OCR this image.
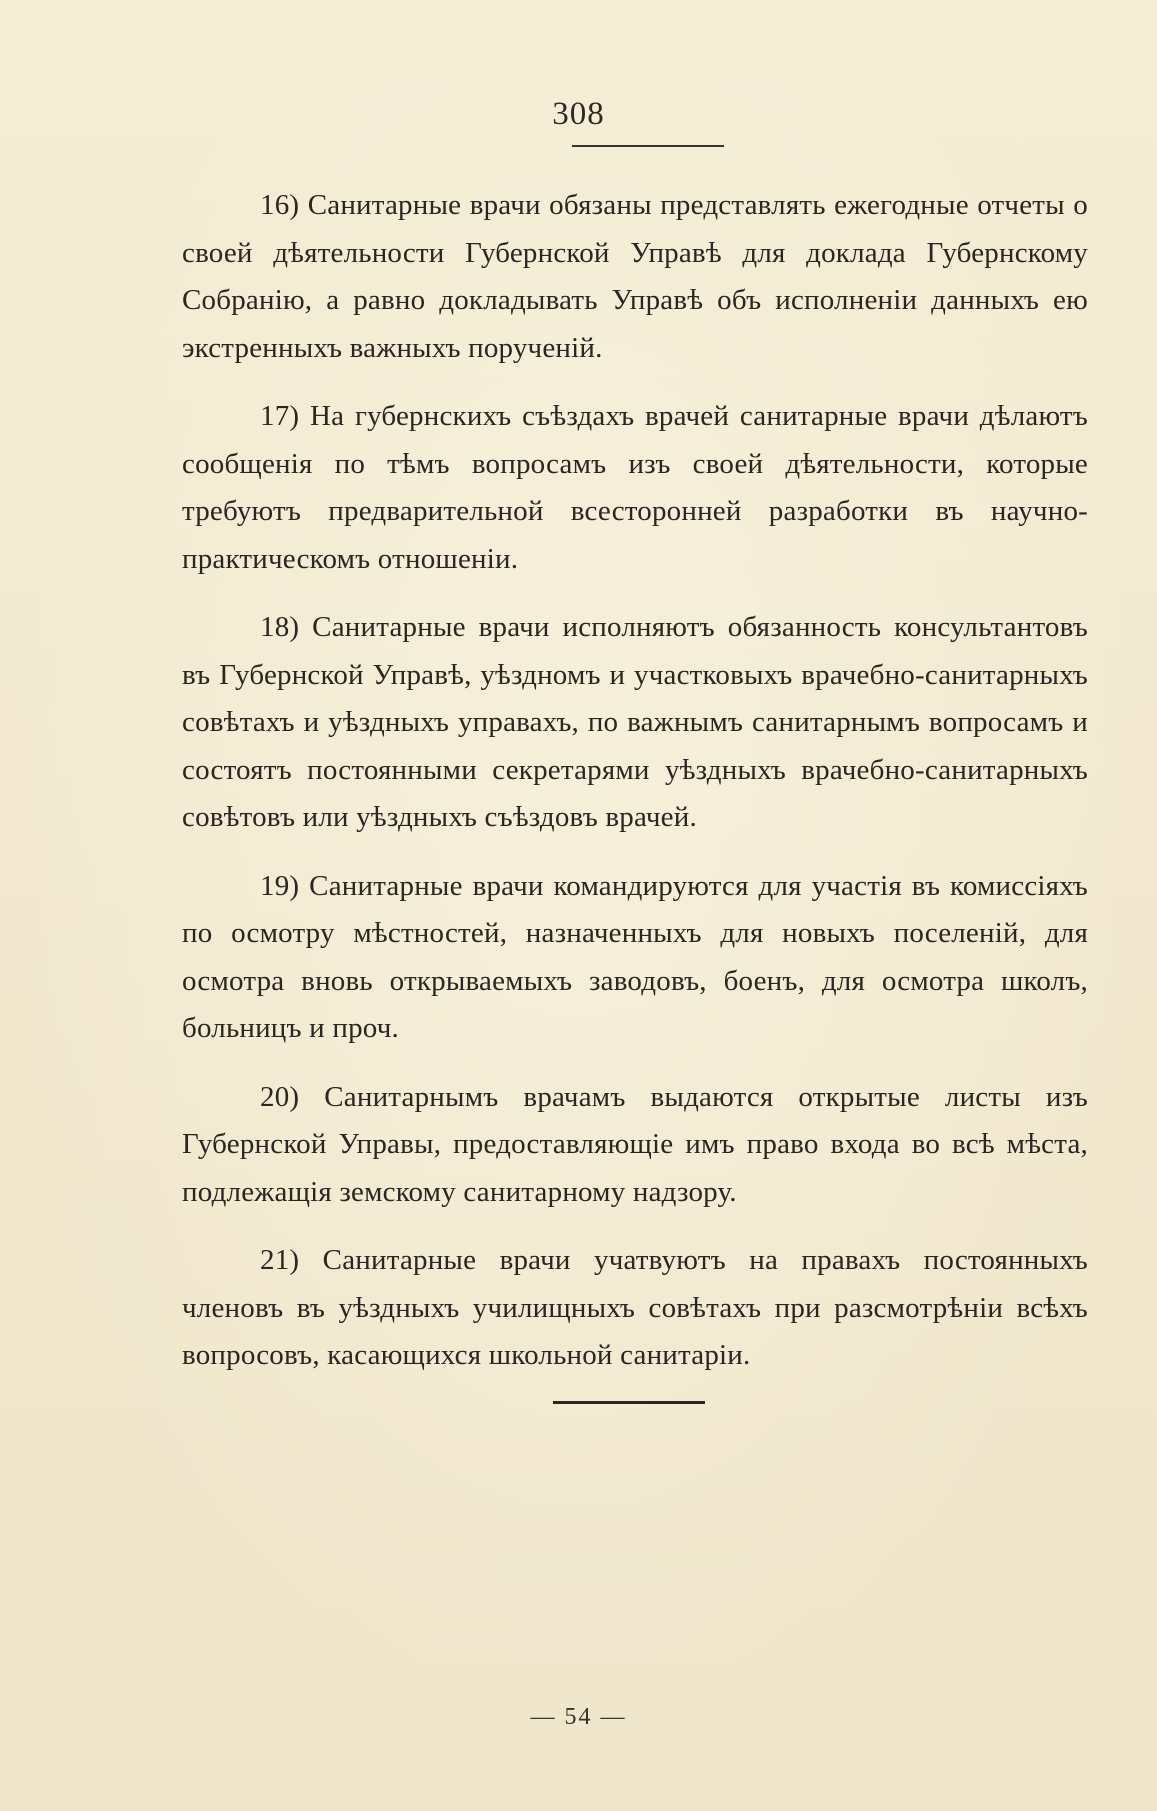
308

16) Санитарные врачи обязаны представлять ежегодные отчеты о своей дѣятельности Губернской Управѣ для доклада Губернскому Собранію, а равно докладывать Управѣ объ исполненіи данныхъ ею экстренныхъ важныхъ порученій.

17) На губернскихъ съѣздахъ врачей санитарные врачи дѣлаютъ сообщенія по тѣмъ вопросамъ изъ своей дѣятельности, которые требуютъ предварительной всесторонней разработки въ научно-практическомъ отношеніи.

18) Санитарные врачи исполняютъ обязанность консультантовъ въ Губернской Управѣ, уѣздномъ и участковыхъ врачебно-санитарныхъ совѣтахъ и уѣздныхъ управахъ, по важнымъ санитарнымъ вопросамъ и состоятъ постоянными секретарями уѣздныхъ врачебно-санитарныхъ совѣтовъ или уѣздныхъ съѣздовъ врачей.

19) Санитарные врачи командируются для участія въ комиссіяхъ по осмотру мѣстностей, назначенныхъ для новыхъ поселеній, для осмотра вновь открываемыхъ заводовъ, боенъ, для осмотра школъ, больницъ и проч.

20) Санитарнымъ врачамъ выдаются открытые листы изъ Губернской Управы, предоставляющіе имъ право входа во всѣ мѣста, подлежащія земскому санитарному надзору.

21) Санитарные врачи учатвуютъ на правахъ постоянныхъ членовъ въ уѣздныхъ училищныхъ совѣтахъ при разсмотрѣніи всѣхъ вопросовъ, касающихся школьной санитаріи.

— 54 —
